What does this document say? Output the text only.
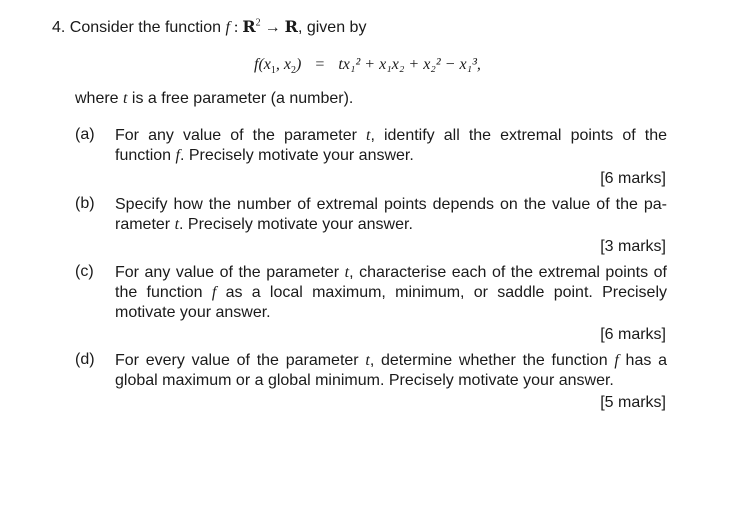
4. Consider the function f : $R^2 \to R$, given by
$f(x_1$, $x_2) = tx_1^2 + x_1x_2 + x_2^2 - x_1^3$,
where t is a free parameter (a number).
(a) For any value of the parameter t, identify all the extremal points of the function f. Precisely motivate your answer.
[6 marks]
(b) Specify how the number of extremal points depends on the value of the pa-rameter t. Precisely motivate your answer.
[3 marks]
(c) For any value of the parameter t, characterise each of the extremal points of the function f as a local maximum, minimum, or saddle point. Precisely motivate your answer.
[6 marks]
(d) For every value of the parameter t, determine whether the function f has a global maximum or a global minimum. Precisely motivate your answer.
[5 marks]
